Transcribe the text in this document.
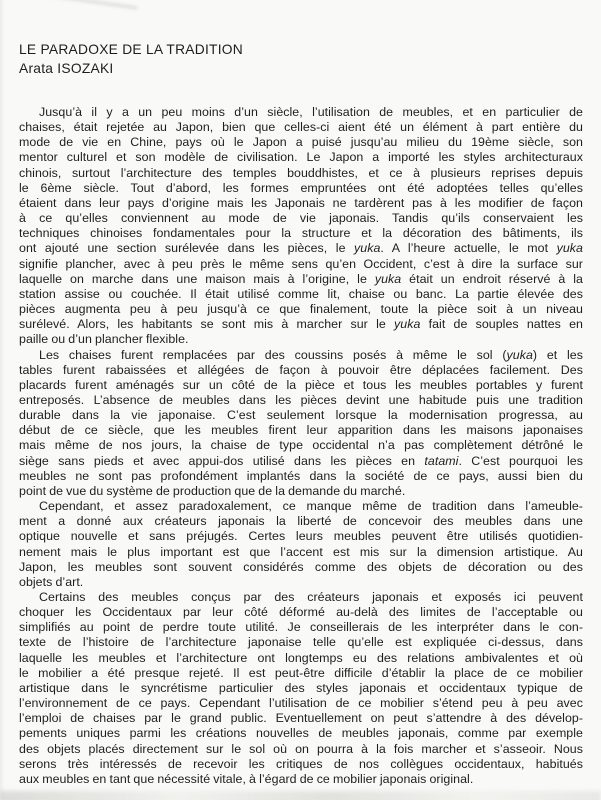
LE PARADOXE DE LA TRADITION
Arata ISOZAKI
Jusqu’à il y a un peu moins d’un siècle, l’utilisation de meubles, et en particulier de
chaises, était rejetée au Japon, bien que celles-ci aient été un élément à part entière du
mode de vie en Chine, pays où le Japon a puisé jusqu’au milieu du 19ème siècle, son
mentor culturel et son modèle de civilisation. Le Japon a importé les styles architecturaux
chinois, surtout l’architecture des temples bouddhistes, et ce à plusieurs reprises depuis
le 6ème siècle. Tout d’abord, les formes empruntées ont été adoptées telles qu’elles
étaient dans leur pays d’origine mais les Japonais ne tardèrent pas à les modifier de façon
à ce qu’elles conviennent au mode de vie japonais. Tandis qu’ils conservaient les
techniques chinoises fondamentales pour la structure et la décoration des bâtiments, ils
ont ajouté une section surélevée dans les pièces, le yuka. A l’heure actuelle, le mot yuka
signifie plancher, avec à peu près le même sens qu’en Occident, c’est à dire la surface sur
laquelle on marche dans une maison mais à l’origine, le yuka était un endroit réservé à la
station assise ou couchée. Il était utilisé comme lit, chaise ou banc. La partie élevée des
pièces augmenta peu à peu jusqu’à ce que finalement, toute la pièce soit à un niveau
surélevé. Alors, les habitants se sont mis à marcher sur le yuka fait de souples nattes en
paille ou d’un plancher flexible.
Les chaises furent remplacées par des coussins posés à même le sol (yuka) et les
tables furent rabaissées et allégées de façon à pouvoir être déplacées facilement. Des
placards furent aménagés sur un côté de la pièce et tous les meubles portables y furent
entreposés. L’absence de meubles dans les pièces devint une habitude puis une tradition
durable dans la vie japonaise. C’est seulement lorsque la modernisation progressa, au
début de ce siècle, que les meubles firent leur apparition dans les maisons japonaises
mais même de nos jours, la chaise de type occidental n’a pas complètement détrôné le
siège sans pieds et avec appui-dos utilisé dans les pièces en tatami. C’est pourquoi les
meubles ne sont pas profondément implantés dans la société de ce pays, aussi bien du
point de vue du système de production que de la demande du marché.
Cependant, et assez paradoxalement, ce manque même de tradition dans l’ameuble-
ment a donné aux créateurs japonais la liberté de concevoir des meubles dans une
optique nouvelle et sans préjugés. Certes leurs meubles peuvent être utilisés quotidien-
nement mais le plus important est que l’accent est mis sur la dimension artistique. Au
Japon, les meubles sont souvent considérés comme des objets de décoration ou des
objets d’art.
Certains des meubles conçus par des créateurs japonais et exposés ici peuvent
choquer les Occidentaux par leur côté déformé au-delà des limites de l’acceptable ou
simplifiés au point de perdre toute utilité. Je conseillerais de les interpréter dans le con-
texte de l’histoire de l’architecture japonaise telle qu’elle est expliquée ci-dessus, dans
laquelle les meubles et l’architecture ont longtemps eu des relations ambivalentes et où
le mobilier a été presque rejeté. Il est peut-être difficile d’établir la place de ce mobilier
artistique dans le syncrétisme particulier des styles japonais et occidentaux typique de
l’environnement de ce pays. Cependant l’utilisation de ce mobilier s’étend peu à peu avec
l’emploi de chaises par le grand public. Eventuellement on peut s’attendre à des dévelop-
pements uniques parmi les créations nouvelles de meubles japonais, comme par exemple
des objets placés directement sur le sol où on pourra à la fois marcher et s’asseoir. Nous
serons très intéressés de recevoir les critiques de nos collègues occidentaux, habitués
aux meubles en tant que nécessité vitale, à l’égard de ce mobilier japonais original.
